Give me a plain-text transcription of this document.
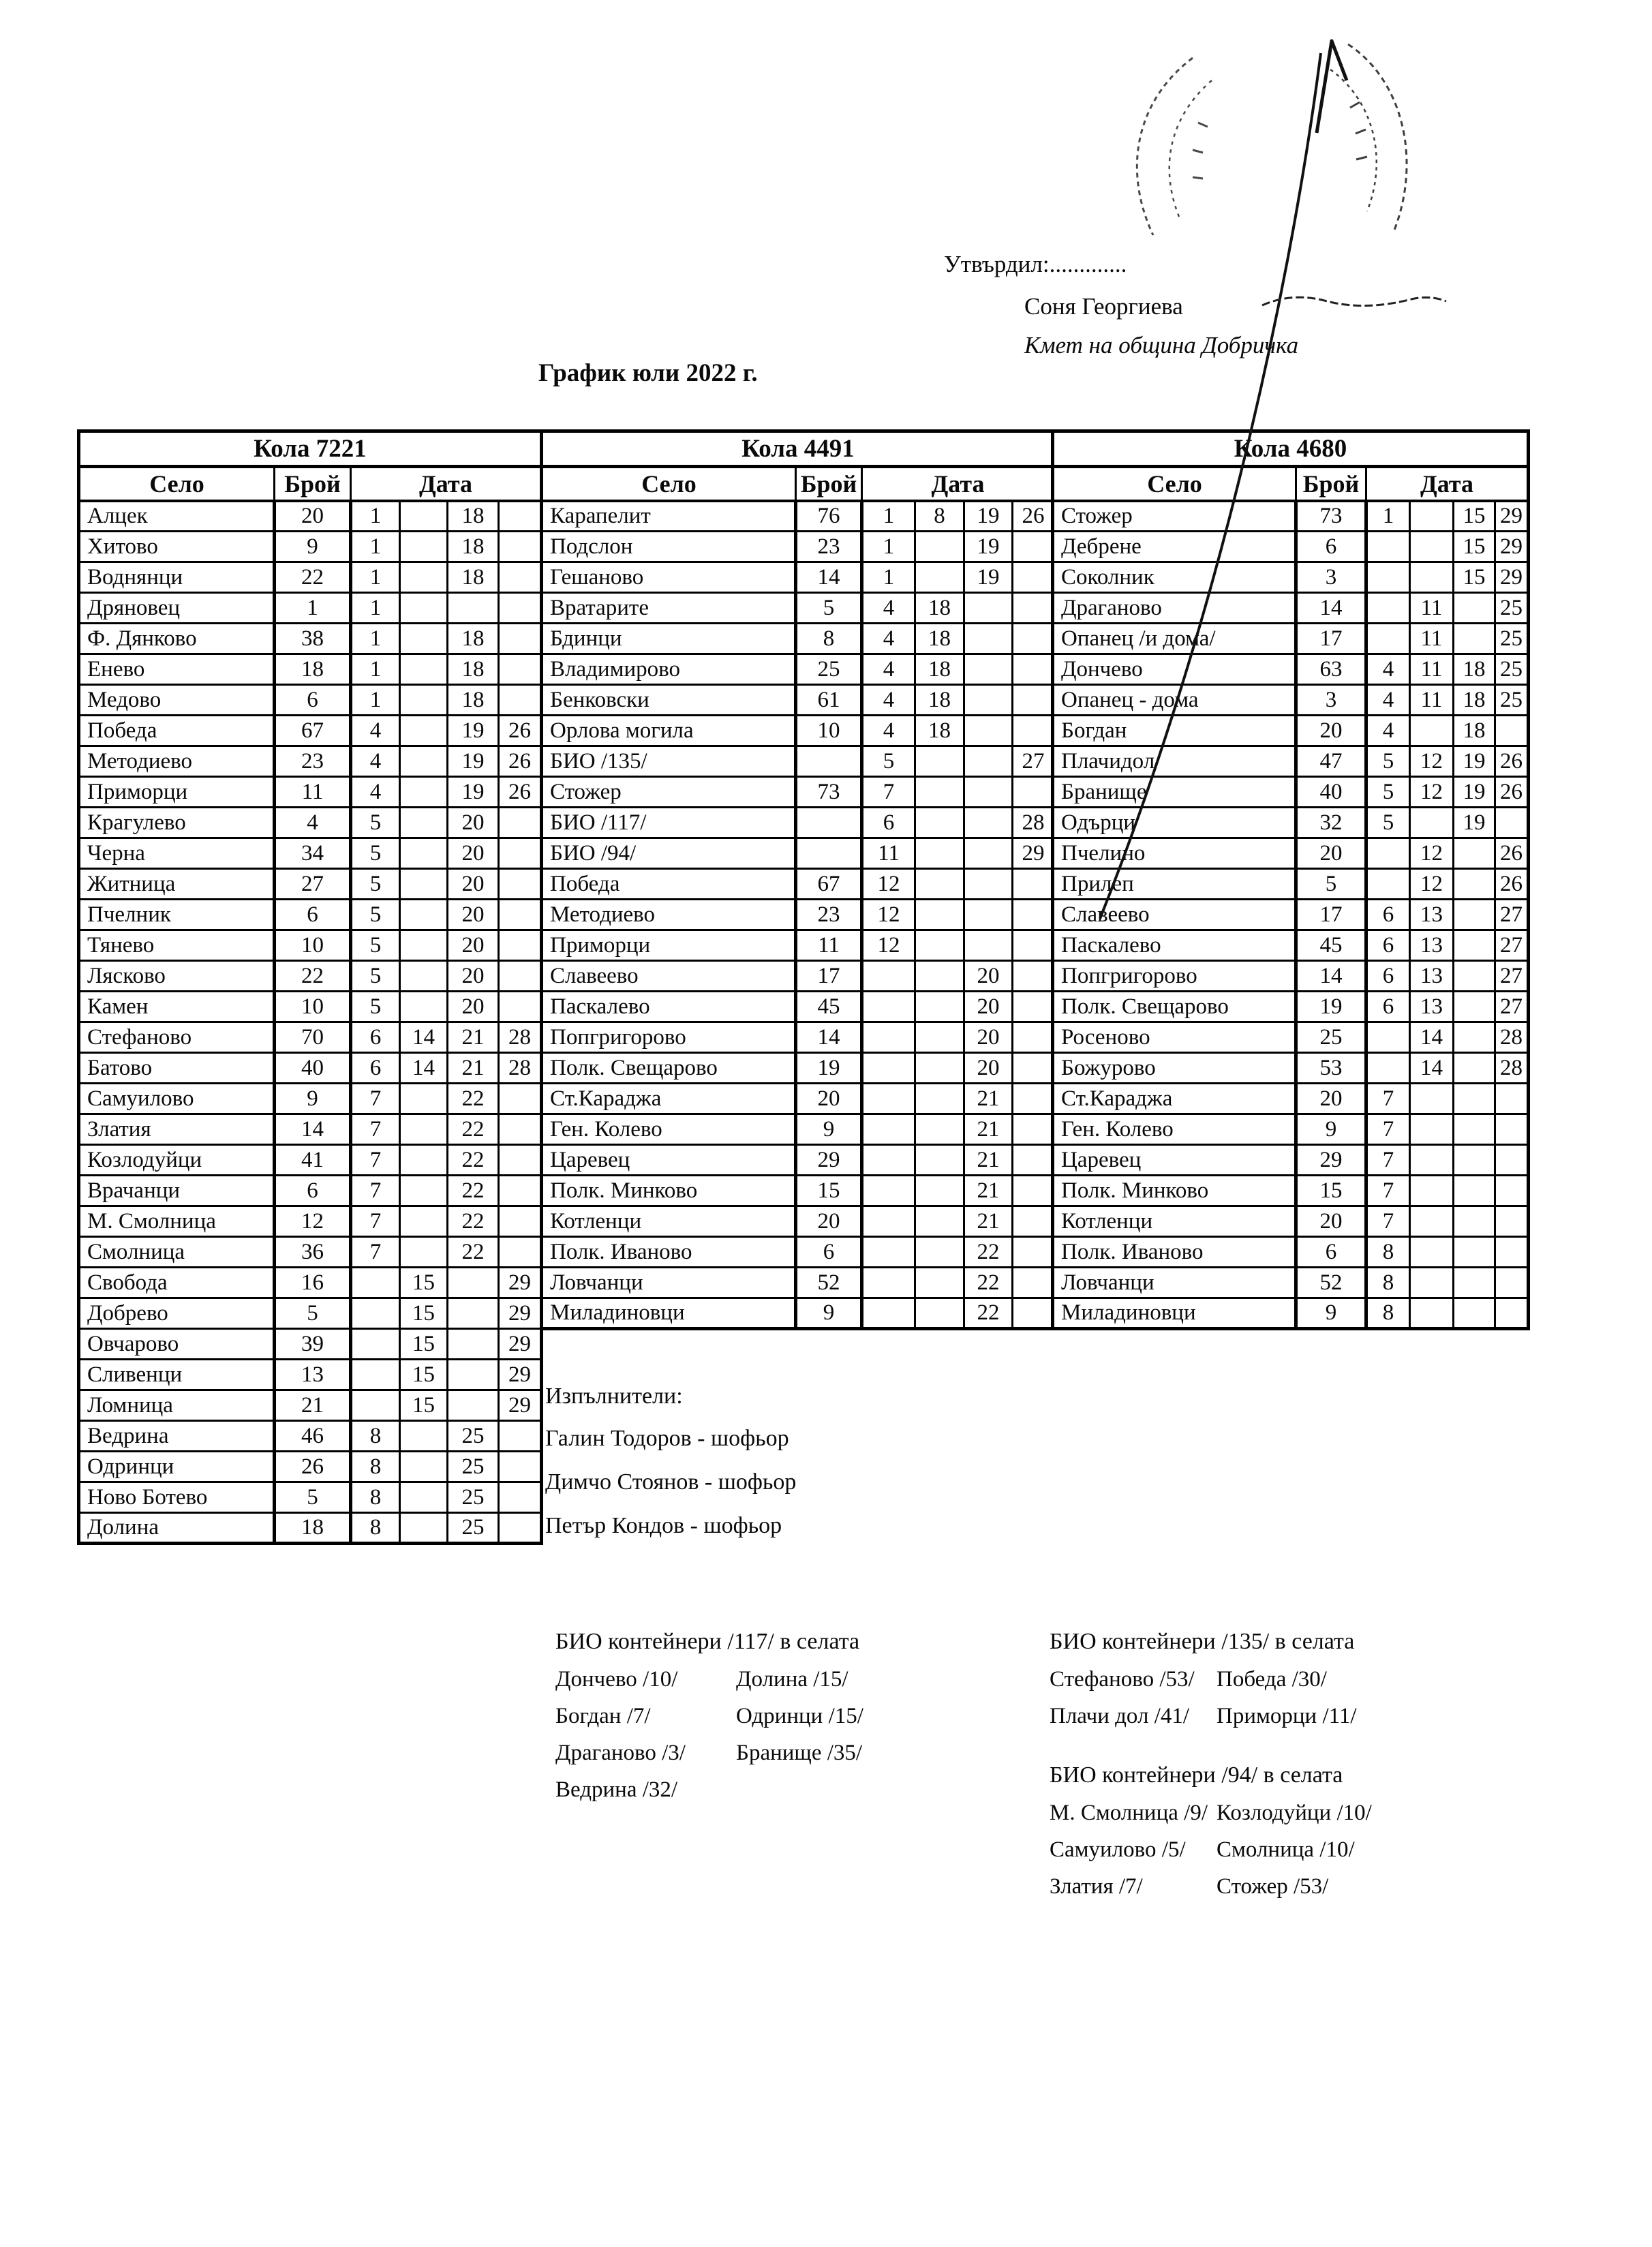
Утвърдил:.............
Соня Георгиева
Кмет на община Добричка
График юли 2022 г.
Кола 7221					
Село	Брой	Дата			
Алцек	20	1		18	
Хитово	9	1		18	
Воднянци	22	1		18	
Дряновец	1	1			
Ф. Дянково	38	1		18	
Енево	18	1		18	
Медово	6	1		18	
Победа	67	4		19	26
Методиево	23	4		19	26
Приморци	11	4		19	26
Крагулево	4	5		20	
Черна	34	5		20	
Житница	27	5		20	
Пчелник	6	5		20	
Тянево	10	5		20	
Лясково	22	5		20	
Камен	10	5		20	
Стефаново	70	6	14	21	28
Батово	40	6	14	21	28
Самуилово	9	7		22	
Златия	14	7		22	
Козлодуйци	41	7		22	
Врачанци	6	7		22	
М. Смолница	12	7		22	
Смолница	36	7		22	
Свобода	16		15		29
Добрево	5		15		29
Овчарово	39		15		29
Сливенци	13		15		29
Ломница	21		15		29
Ведрина	46	8		25	
Одринци	26	8		25	
Ново Ботево	5	8		25	
Долина	18	8		25	
Кола 4491					
Село	Брой	Дата			
Карапелит	76	1	8	19	26
Подслон	23	1		19	
Гешаново	14	1		19	
Вратарите	5	4	18		
Бдинци	8	4	18		
Владимирово	25	4	18		
Бенковски	61	4	18		
Орлова могила	10	4	18		
БИО /135/		5			27
Стожер	73	7			
БИО /117/		6			28
БИО /94/		11			29
Победа	67	12			
Методиево	23	12			
Приморци	11	12			
Славеево	17			20	
Паскалево	45			20	
Попгригорово	14			20	
Полк. Свещарово	19			20	
Ст.Караджа	20			21	
Ген. Колево	9			21	
Царевец	29			21	
Полк. Минково	15			21	
Котленци	20			21	
Полк. Иваново	6			22	
Ловчанци	52			22	
Миладиновци	9			22	
Кола 4680					
Село	Брой	Дата			
Стожер	73	1		15	29
Дебрене	6			15	29
Соколник	3			15	29
Драганово	14		11		25
Опанец /и дома/	17		11		25
Дончево	63	4	11	18	25
Опанец - дома	3	4	11	18	25
Богдан	20	4		18	
Плачидол	47	5	12	19	26
Бранище	40	5	12	19	26
Одърци	32	5		19	
Пчелино	20		12		26
Прилеп	5		12		26
Славеево	17	6	13		27
Паскалево	45	6	13		27
Попгригорово	14	6	13		27
Полк. Свещарово	19	6	13		27
Росеново	25		14		28
Божурово	53		14		28
Ст.Караджа	20	7			
Ген. Колево	9	7			
Царевец	29	7			
Полк. Минково	15	7			
Котленци	20	7			
Полк. Иваново	6	8			
Ловчанци	52	8			
Миладиновци	9	8			
Изпълнители:
Галин Тодоров - шофьор
Димчо Стоянов - шофьор
Петър Кондов - шофьор
БИО контейнери /117/ в селата
Дончево /10/	Долина /15/
Богдан /7/	Одринци /15/
Драганово /3/	Бранище /35/
Ведрина /32/
БИО контейнери /135/ в селата
Стефаново /53/ Победа /30/
Плачи дол /41/	Приморци /11/
БИО контейнери /94/ в селата
М. Смолница /9/ Козлодуйци /10/
Самуилово /5/	Смолница /10/
Златия /7/	Стожер /53/
